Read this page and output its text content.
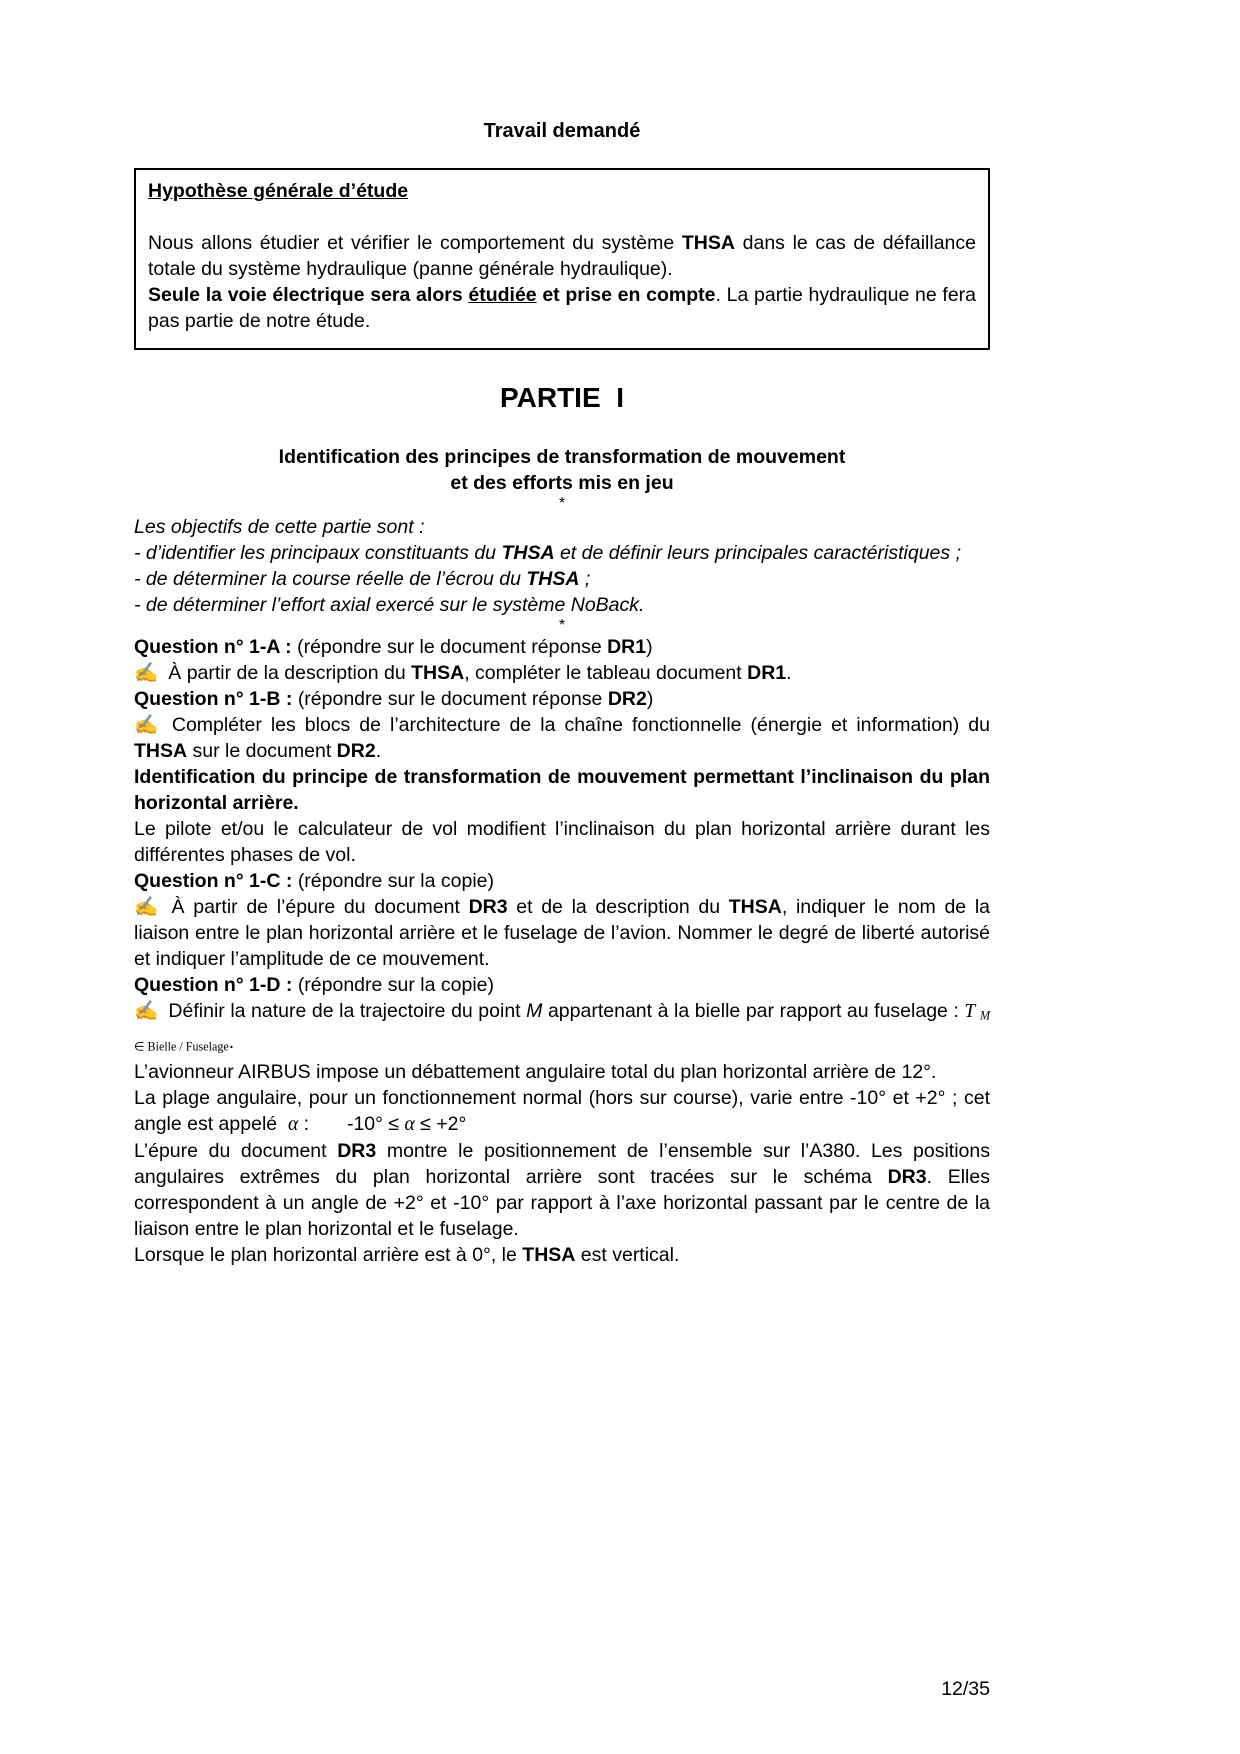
Travail demandé
Hypothèse générale d’étude

Nous allons étudier et vérifier le comportement du système THSA dans le cas de défaillance totale du système hydraulique (panne générale hydraulique).

Seule la voie électrique sera alors étudiée et prise en compte. La partie hydraulique ne fera pas partie de notre étude.

PARTIE  I
Identification des principes de transformation de mouvement
et des efforts mis en jeu
*

Les objectifs de cette partie sont :

- d’identifier les principaux constituants du THSA et de définir leurs principales caractéristiques ;

- de déterminer la course réelle de l’écrou du THSA ;

- de déterminer l’effort axial exercé sur le système NoBack.

*

Question n° 1-A : (répondre sur le document réponse DR1)

✍ À partir de la description du THSA, compléter le tableau document DR1.

Question n° 1-B : (répondre sur le document réponse DR2)

✍ Compléter les blocs de l’architecture de la chaîne fonctionnelle (énergie et information) du THSA sur le document DR2.

Identification du principe de transformation de mouvement permettant l’inclinaison du plan horizontal arrière.

Le pilote et/ou le calculateur de vol modifient l’inclinaison du plan horizontal arrière durant les différentes phases de vol.

Question n° 1-C : (répondre sur la copie)

✍ À partir de l’épure du document DR3 et de la description du THSA, indiquer le nom de la liaison entre le plan horizontal arrière et le fuselage de l’avion. Nommer le degré de liberté autorisé et indiquer l’amplitude de ce mouvement.

Question n° 1-D : (répondre sur la copie)

✍ Définir la nature de la trajectoire du point M appartenant à la bielle par rapport au fuselage : T M ∈ Bielle / Fuselage.

L’avionneur AIRBUS impose un débattement angulaire total du plan horizontal arrière de 12°.

La plage angulaire, pour un fonctionnement normal (hors sur course), varie entre -10° et +2° ; cet angle est appelé  α :       -10° ≤ α ≤ +2°

L’épure du document DR3 montre le positionnement de l’ensemble sur l’A380. Les positions angulaires extrêmes du plan horizontal arrière sont tracées sur le schéma DR3. Elles correspondent à un angle de +2° et -10° par rapport à l’axe horizontal passant par le centre de la liaison entre le plan horizontal et le fuselage.

Lorsque le plan horizontal arrière est à 0°, le THSA est vertical.

12/35
